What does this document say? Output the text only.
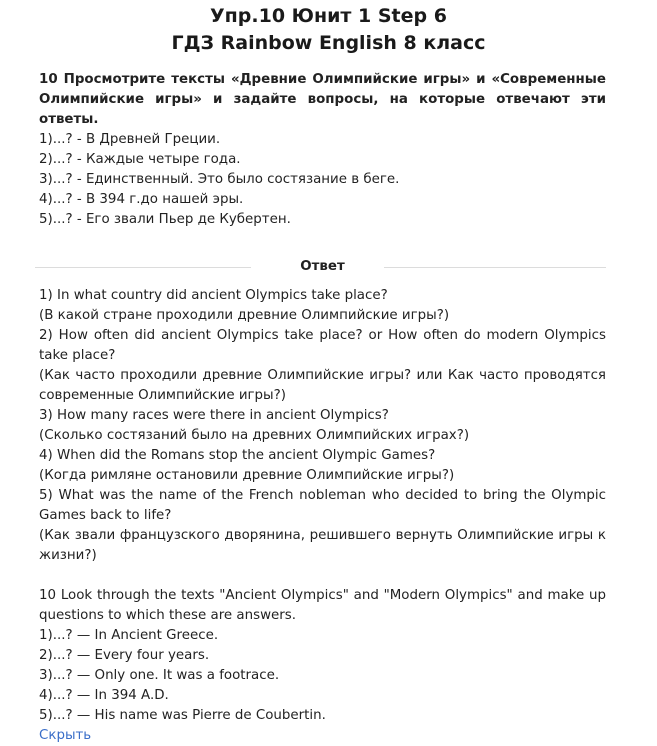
Упр.10 Юнит 1 Step 6
ГДЗ Rainbow English 8 класс

10 Просмотрите тексты «Древние Олимпийские игры» и «Современные Олимпийские игры» и задайте вопросы, на которые отвечают эти ответы.

1)...? - В Древней Греции.

2)...? - Каждые четыре года.

3)...? - Единственный. Это было состязание в беге.

4)...? - В 394 г.до нашей эры.

5)...? - Его звали Пьер де Кубертен.

Ответ

1) In what country did ancient Olympics take place?

(В какой стране проходили древние Олимпийские игры?)

2) How often did ancient Olympics take place? or How often do modern Olympics take place?

(Как часто проходили древние Олимпийские игры? или Как часто проводятся современные Олимпийские игры?)

3) How many races were there in ancient Olympics?

(Сколько состязаний было на древних Олимпийских играх?)

4) When did the Romans stop the ancient Olympic Games?

(Когда римляне остановили древние Олимпийские игры?)

5) What was the name of the French nobleman who decided to bring the Olympic Games back to life?

(Как звали французского дворянина, решившего вернуть Олимпийские игры к жизни?)

10 Look through the texts "Ancient Olympics" and "Modern Olympics" and make up questions to which these are answers.

1)...? — In Ancient Greece.

2)...? — Every four years.

3)...? — Only one. It was a footrace.

4)...? — In 394 A.D.

5)...? — His name was Pierre de Coubertin.

Скрыть
